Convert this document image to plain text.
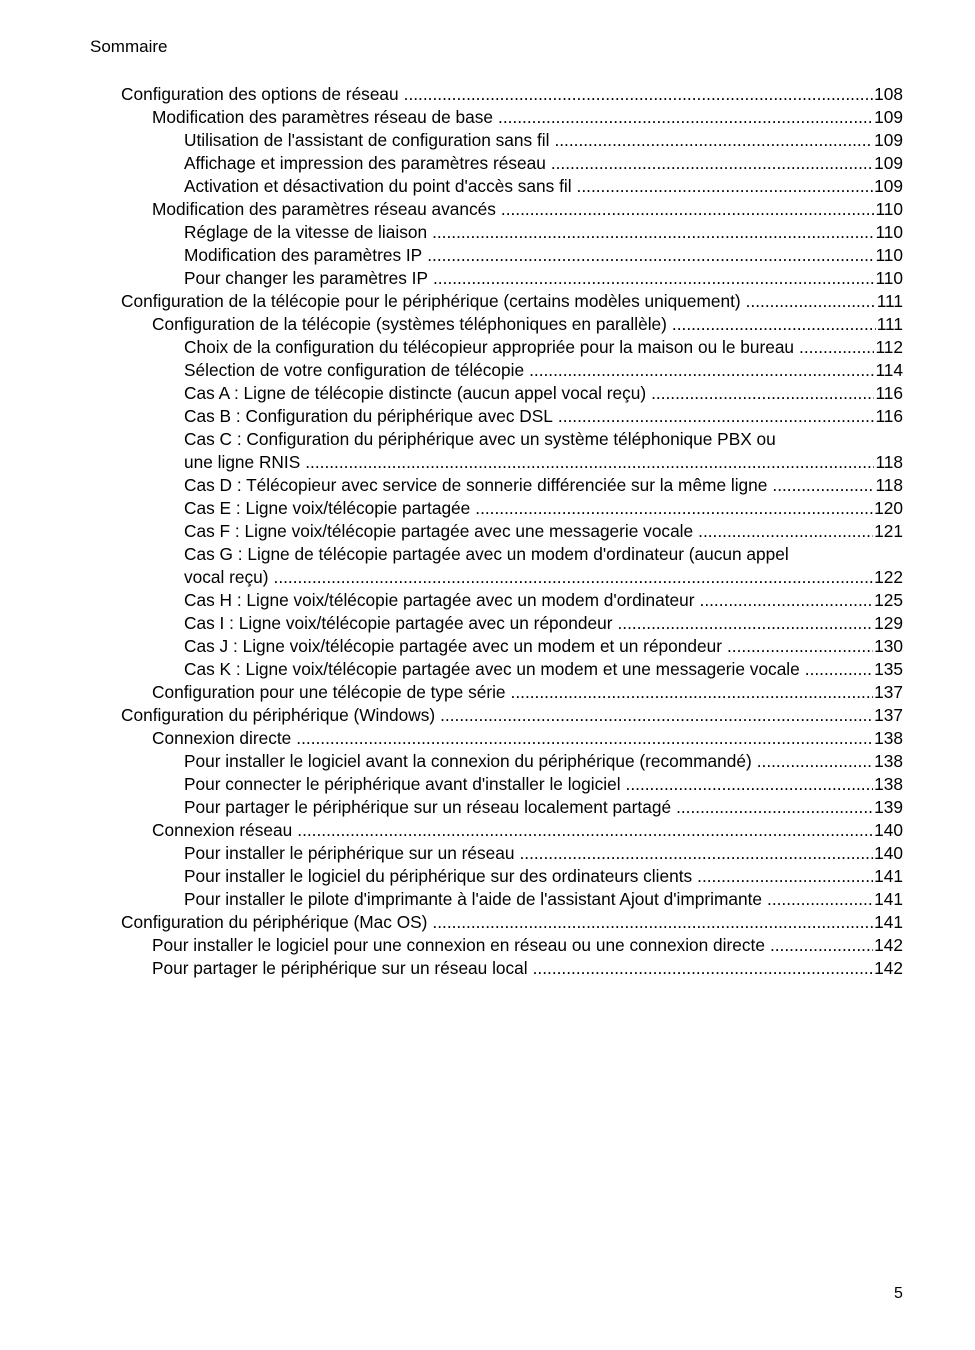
Sommaire
Configuration des options de réseau .....	108
Modification des paramètres réseau de base .....	109
Utilisation de l'assistant de configuration sans fil .....	109
Affichage et impression des paramètres réseau .....	109
Activation et désactivation du point d'accès sans fil .....	109
Modification des paramètres réseau avancés .....	110
Réglage de la vitesse de liaison .....	110
Modification des paramètres IP .....	110
Pour changer les paramètres IP .....	110
Configuration de la télécopie pour le périphérique (certains modèles uniquement) .....	111
Configuration de la télécopie (systèmes téléphoniques en parallèle) .....	111
Choix de la configuration du télécopieur appropriée pour la maison ou le bureau .....	112
Sélection de votre configuration de télécopie .....	114
Cas A : Ligne de télécopie distincte (aucun appel vocal reçu) .....	116
Cas B : Configuration du périphérique avec DSL .....	116
Cas C : Configuration du périphérique avec un système téléphonique PBX ou
une ligne RNIS .....	118
Cas D : Télécopieur avec service de sonnerie différenciée sur la même ligne .....	118
Cas E : Ligne voix/télécopie partagée .....	120
Cas F : Ligne voix/télécopie partagée avec une messagerie vocale .....	121
Cas G : Ligne de télécopie partagée avec un modem d'ordinateur (aucun appel
vocal reçu) .....	122
Cas H : Ligne voix/télécopie partagée avec un modem d'ordinateur .....	125
Cas I : Ligne voix/télécopie partagée avec un répondeur .....	129
Cas J : Ligne voix/télécopie partagée avec un modem et un répondeur .....	130
Cas K : Ligne voix/télécopie partagée avec un modem et une messagerie vocale .....	135
Configuration pour une télécopie de type série .....	137
Configuration du périphérique (Windows) .....	137
Connexion directe .....	138
Pour installer le logiciel avant la connexion du périphérique (recommandé) .....	138
Pour connecter le périphérique avant d'installer le logiciel .....	138
Pour partager le périphérique sur un réseau localement partagé .....	139
Connexion réseau .....	140
Pour installer le périphérique sur un réseau .....	140
Pour installer le logiciel du périphérique sur des ordinateurs clients .....	141
Pour installer le pilote d'imprimante à l'aide de l'assistant Ajout d'imprimante .....	141
Configuration du périphérique (Mac OS) .....	141
Pour installer le logiciel pour une connexion en réseau ou une connexion directe .....	142
Pour partager le périphérique sur un réseau local .....	142
5
